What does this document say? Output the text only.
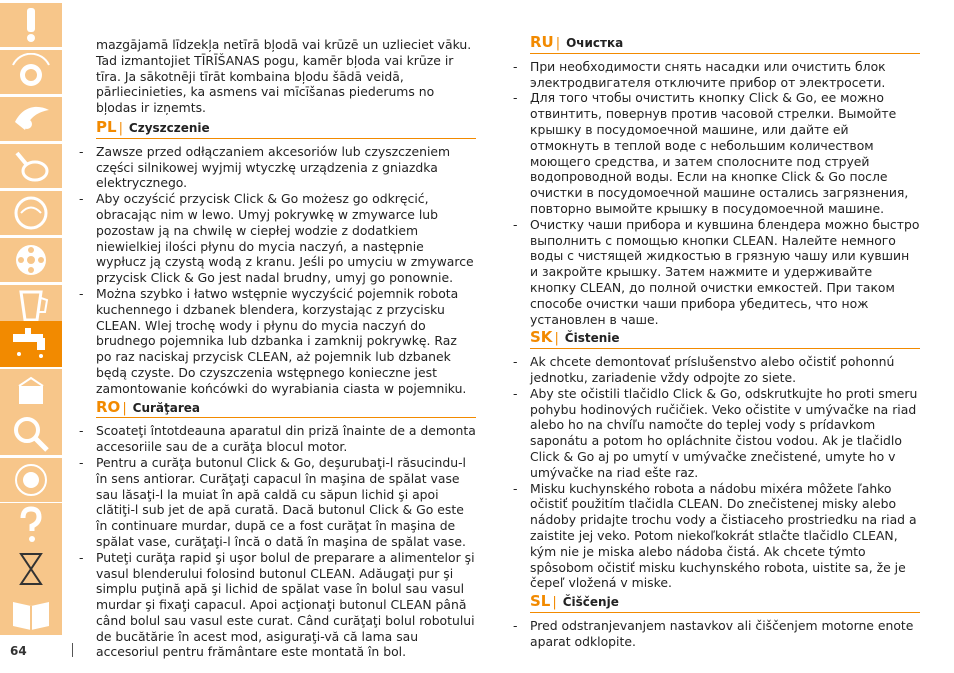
64

mazgājamā līdzekļa netīrā bļodā vai krūzē un uzlieciet vāku. Tad izmantojiet TĪRĪŠANAS pogu, kamēr bļoda vai krūze ir tīra. Ja sākotnēji tīrāt kombaina bļodu šādā veidā, pārliecinieties, ka asmens vai mīcīšanas piederums no bļodas ir izņemts.

PL | Czyszczenie
- Zawsze przed odłączaniem akcesoriów lub czyszczeniem części silnikowej wyjmij wtyczkę urządzenia z gniazdka elektrycznego.
- Aby oczyścić przycisk Click & Go możesz go odkręcić, obracając nim w lewo. Umyj pokrywkę w zmywarce lub pozostaw ją na chwilę w ciepłej wodzie z dodatkiem niewielkiej ilości płynu do mycia naczyń, a następnie wypłucz ją czystą wodą z kranu. Jeśli po umyciu w zmywarce przycisk Click & Go jest nadal brudny, umyj go ponownie.
- Można szybko i łatwo wstępnie wyczyścić pojemnik robota kuchennego i dzbanek blendera, korzystając z przycisku CLEAN. Wlej trochę wody i płynu do mycia naczyń do brudnego pojemnika lub dzbanka i zamknij pokrywkę. Raz po raz naciskaj przycisk CLEAN, aż pojemnik lub dzbanek będą czyste. Do czyszczenia wstępnego konieczne jest zamontowanie końcówki do wyrabiania ciasta w pojemniku.
RO | Curăţarea
- Scoateţi întotdeauna aparatul din priză înainte de a demonta accesoriile sau de a curăţa blocul motor.
- Pentru a curăţa butonul Click & Go, deşurubaţi-l răsucindu-l în sens antiorar. Curăţaţi capacul în maşina de spălat vase sau lăsaţi-l la muiat în apă caldă cu săpun lichid şi apoi clătiţi-l sub jet de apă curată. Dacă butonul Click & Go este în continuare murdar, după ce a fost curăţat în maşina de spălat vase, curăţaţi-l încă o dată în maşina de spălat vase.
- Puteţi curăţa rapid şi uşor bolul de preparare a alimentelor şi vasul blenderului folosind butonul CLEAN. Adăugaţi pur şi simplu puţină apă şi lichid de spălat vase în bolul sau vasul murdar şi fixaţi capacul. Apoi acţionaţi butonul CLEAN până când bolul sau vasul este curat. Când curăţaţi bolul robotului de bucătărie în acest mod, asiguraţi-vă că lama sau accesoriul pentru frământare este montată în bol.
RU | Очистка
- При необходимости снять насадки или очистить блок электродвигателя отключите прибор от электросети.
- Для того чтобы очистить кнопку Click & Go, ее можно отвинтить, повернув против часовой стрелки. Вымойте крышку в посудомоечной машине, или дайте ей отмокнуть в теплой воде с небольшим количеством моющего средства, и затем сполосните под струей водопроводной воды. Если на кнопке Click & Go после очистки в посудомоечной машине остались загрязнения, повторно вымойте крышку в посудомоечной машине.
- Очистку чаши прибора и кувшина блендера можно быстро выполнить с помощью кнопки CLEAN. Налейте немного воды с чистящей жидкостью в грязную чашу или кувшин и закройте крышку. Затем нажмите и удерживайте кнопку CLEAN, до полной очистки емкостей. При таком способе очистки чаши прибора убедитесь, что нож установлен в чаше.
SK | Čistenie
- Ak chcete demontovať príslušenstvo alebo očistiť pohonnú jednotku, zariadenie vždy odpojte zo siete.
- Aby ste očistili tlačidlo Click & Go, odskrutkujte ho proti smeru pohybu hodinových ručičiek. Veko očistite v umývačke na riad alebo ho na chvíľu namočte do teplej vody s prídavkom saponátu a potom ho opláchnite čistou vodou. Ak je tlačidlo Click & Go aj po umytí v umývačke znečistené, umyte ho v umývačke na riad ešte raz.
- Misku kuchynského robota a nádobu mixéra môžete ľahko očistiť použitím tlačidla CLEAN. Do znečistenej misky alebo nádoby pridajte trochu vody a čistiaceho prostriedku na riad a zaistite jej veko. Potom niekoľkokrát stlačte tlačidlo CLEAN, kým nie je miska alebo nádoba čistá. Ak chcete týmto spôsobom očistiť misku kuchynského robota, uistite sa, že je čepeľ vložená v miske.
SL | Čiščenje
- Pred odstranjevanjem nastavkov ali čiščenjem motorne enote aparat odklopite.
